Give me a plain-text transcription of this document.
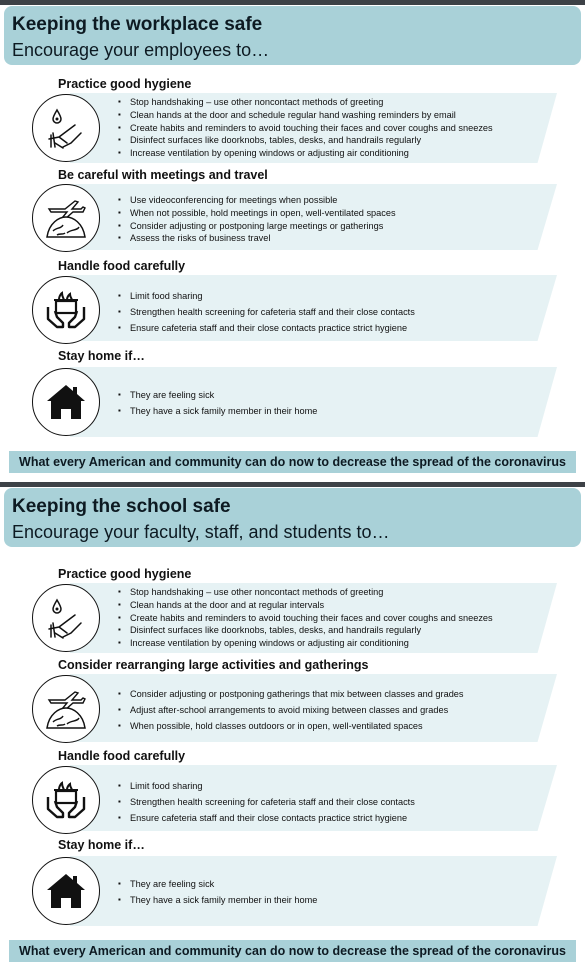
Keeping the workplace safe
Encourage your employees to…
Practice good hygiene
▪ Stop handshaking – use other noncontact methods of greeting
▪ Clean hands at the door and schedule regular hand washing reminders by email
▪ Create habits and reminders to avoid touching their faces and cover coughs and sneezes
▪ Disinfect surfaces like doorknobs, tables, desks, and handrails regularly
▪ Increase ventilation by opening windows or adjusting air conditioning
Be careful with meetings and travel
▪ Use videoconferencing for meetings when possible
▪ When not possible, hold meetings in open, well-ventilated spaces
▪ Consider adjusting or postponing large meetings or gatherings
▪ Assess the risks of business travel
Handle food carefully
▪ Limit food sharing
▪ Strengthen health screening for cafeteria staff and their close contacts
▪ Ensure cafeteria staff and their close contacts practice strict hygiene
Stay home if…
▪ They are feeling sick
▪ They have a sick family member in their home
What every American and community can do now to decrease the spread of the coronavirus
Keeping the school safe
Encourage your faculty, staff, and students to…
Practice good hygiene
▪ Stop handshaking – use other noncontact methods of greeting
▪ Clean hands at the door and at regular intervals
▪ Create habits and reminders to avoid touching their faces and cover coughs and sneezes
▪ Disinfect surfaces like doorknobs, tables, desks, and handrails regularly
▪ Increase ventilation by opening windows or adjusting air conditioning
Consider rearranging large activities and gatherings
▪ Consider adjusting or postponing gatherings that mix between classes and grades
▪ Adjust after-school arrangements to avoid mixing between classes and grades
▪ When possible, hold classes outdoors or in open, well-ventilated spaces
Handle food carefully
▪ Limit food sharing
▪ Strengthen health screening for cafeteria staff and their close contacts
▪ Ensure cafeteria staff and their close contacts practice strict hygiene
Stay home if…
▪ They are feeling sick
▪ They have a sick family member in their home
What every American and community can do now to decrease the spread of the coronavirus
